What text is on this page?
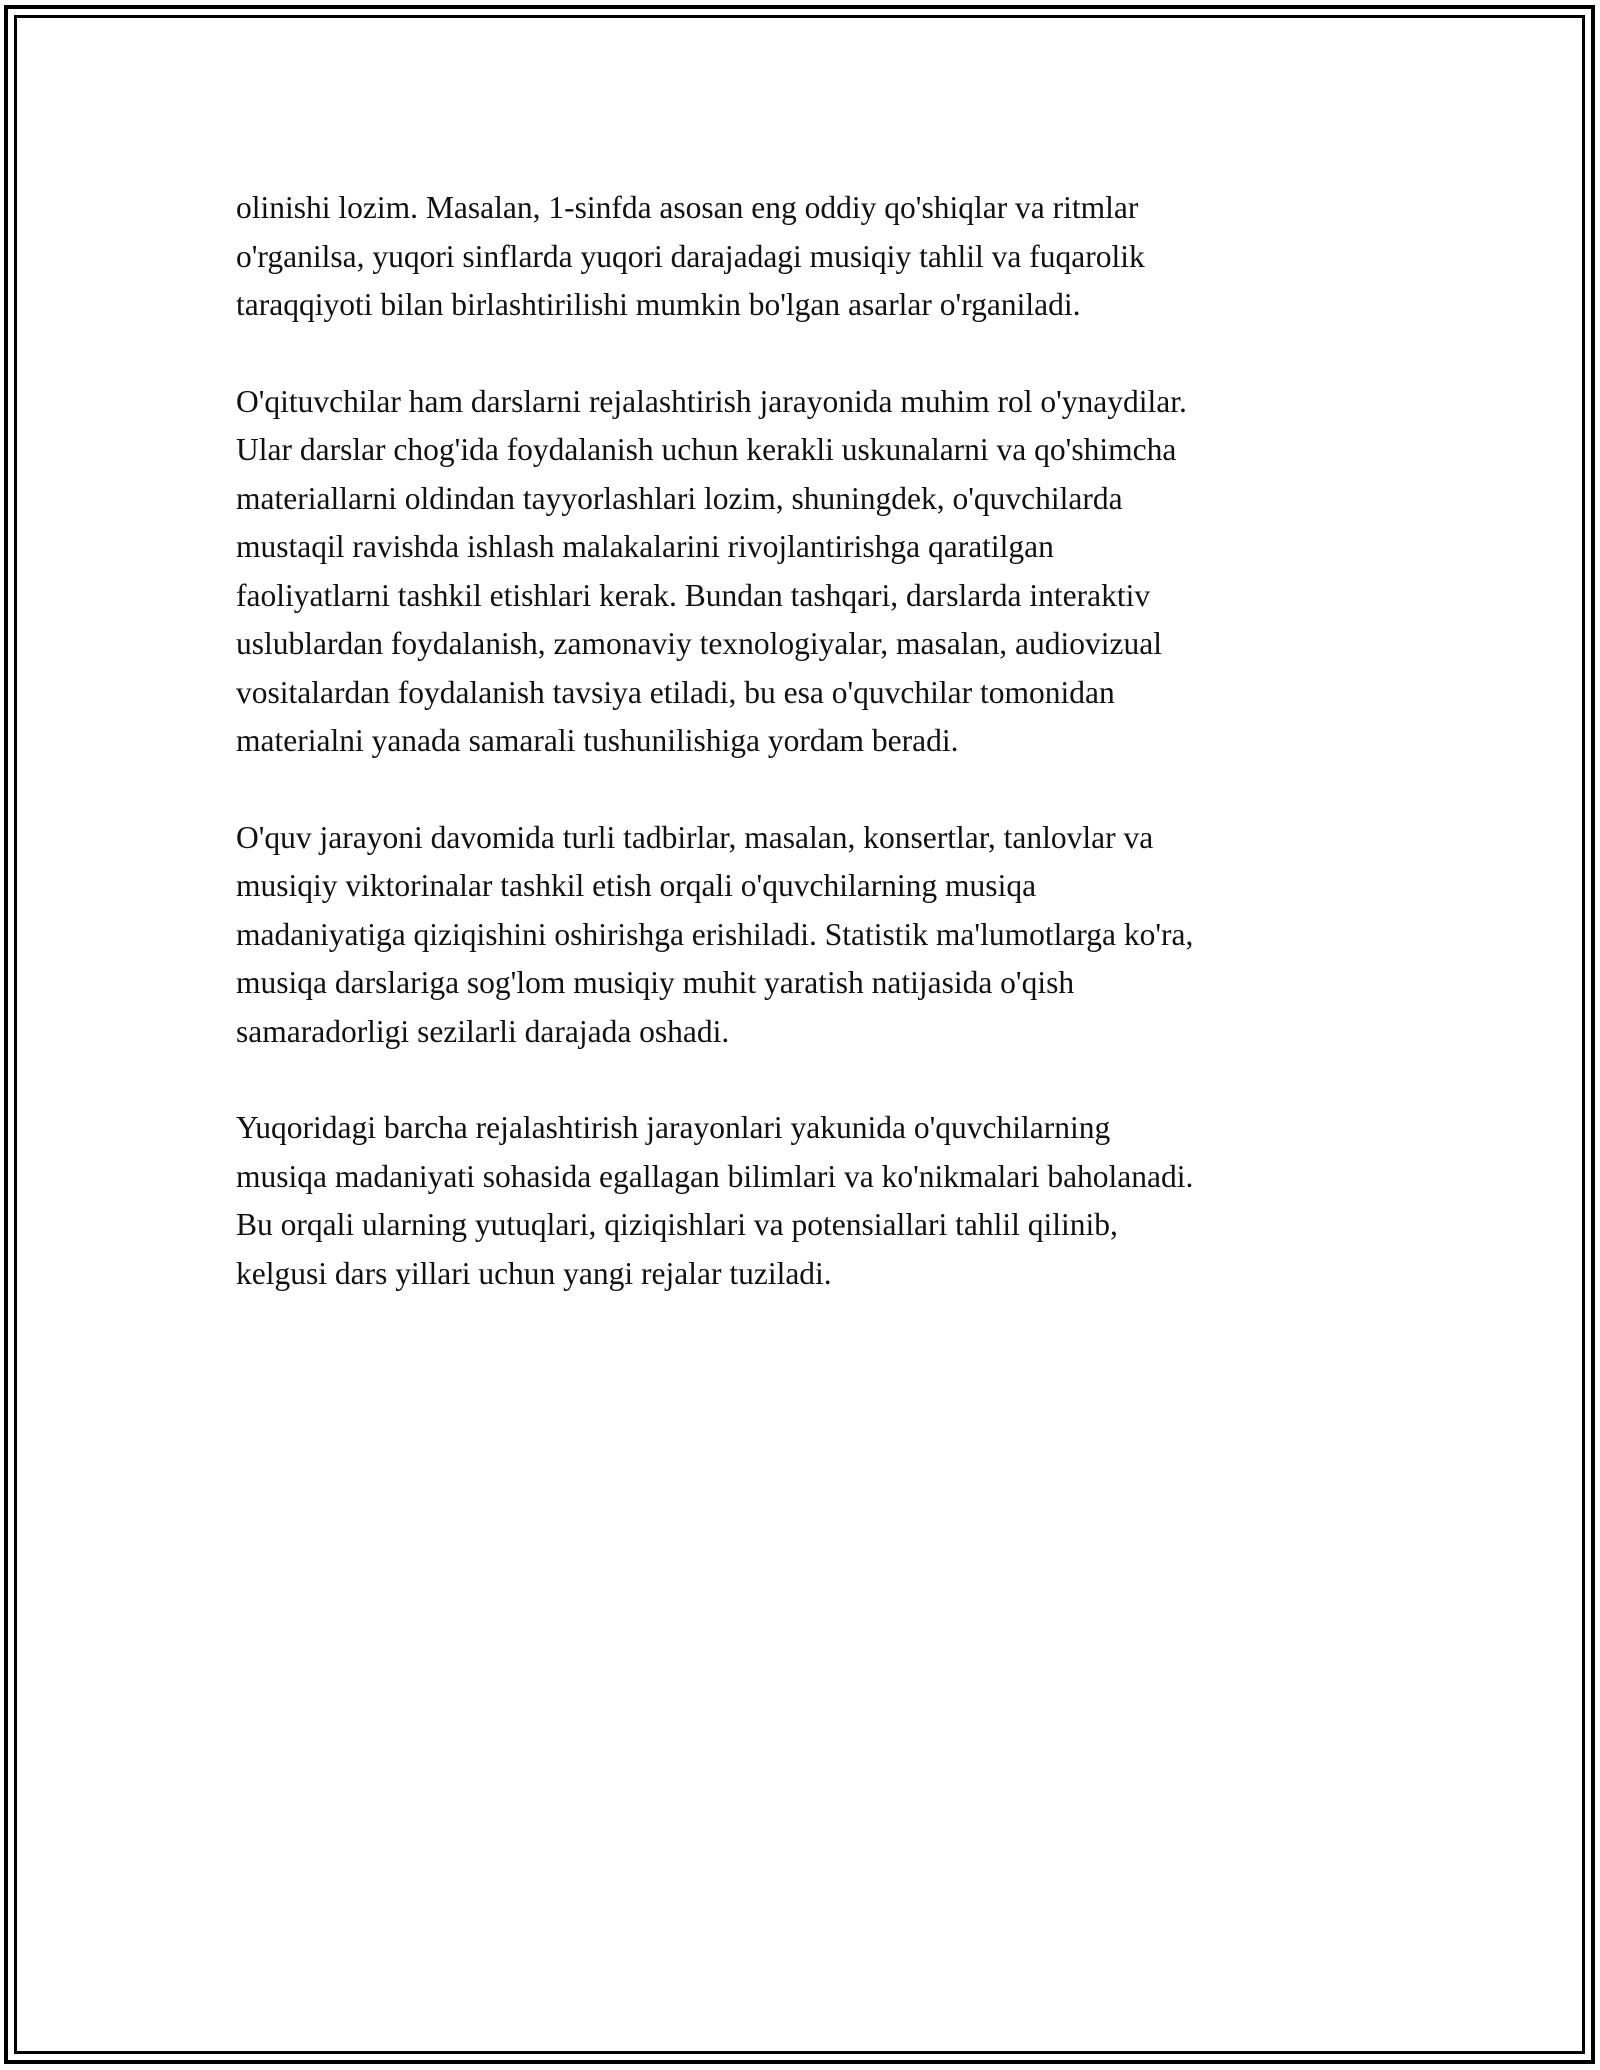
olinishi lozim. Masalan, 1-sinfda asosan eng oddiy qo'shiqlar va ritmlar
o'rganilsa, yuqori sinflarda yuqori darajadagi musiqiy tahlil va fuqarolik
taraqqiyoti bilan birlashtirilishi mumkin bo'lgan asarlar o'rganiladi.

O'qituvchilar ham darslarni rejalashtirish jarayonida muhim rol o'ynaydilar.
Ular darslar chog'ida foydalanish uchun kerakli uskunalarni va qo'shimcha
materiallarni oldindan tayyorlashlari lozim, shuningdek, o'quvchilarda
mustaqil ravishda ishlash malakalarini rivojlantirishga qaratilgan
faoliyatlarni tashkil etishlari kerak. Bundan tashqari, darslarda interaktiv
uslublardan foydalanish, zamonaviy texnologiyalar, masalan, audiovizual
vositalardan foydalanish tavsiya etiladi, bu esa o'quvchilar tomonidan
materialni yanada samarali tushunilishiga yordam beradi.

O'quv jarayoni davomida turli tadbirlar, masalan, konsertlar, tanlovlar va
musiqiy viktorinalar tashkil etish orqali o'quvchilarning musiqa
madaniyatiga qiziqishini oshirishga erishiladi. Statistik ma'lumotlarga ko'ra,
musiqa darslariga sog'lom musiqiy muhit yaratish natijasida o'qish
samaradorligi sezilarli darajada oshadi.

Yuqoridagi barcha rejalashtirish jarayonlari yakunida o'quvchilarning
musiqa madaniyati sohasida egallagan bilimlari va ko'nikmalari baholanadi.
Bu orqali ularning yutuqlari, qiziqishlari va potensiallari tahlil qilinib,
kelgusi dars yillari uchun yangi rejalar tuziladi.
